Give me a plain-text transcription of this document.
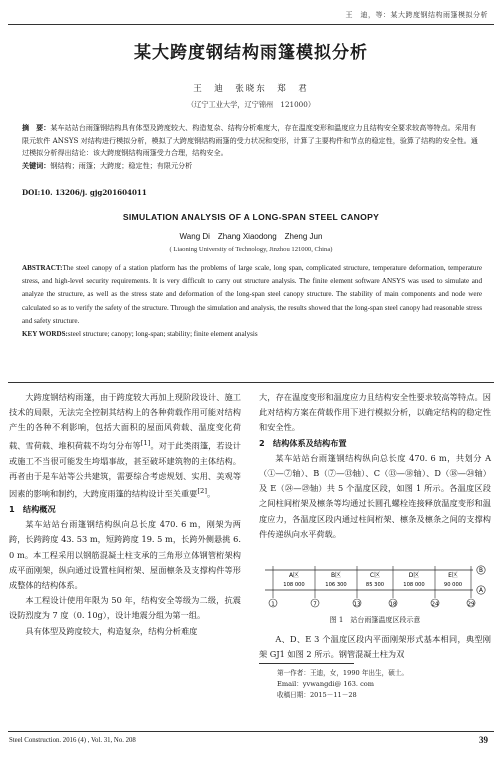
王　迪，等：某大跨度钢结构雨篷模拟分析
某大跨度钢结构雨篷模拟分析
王　迪　张晓东　郑　君
（辽宁工业大学，辽宁锦州　121000）
摘　要：某车站站台雨篷钢结构具有体型及跨度较大、构造复杂、结构分析难度大，存在温度变形和温度应力且结构安全要求较高等特点。采用有限元软件 ANSYS 对结构进行模拟分析，模拟了大跨度钢结构雨篷的受力状况和变形，计算了主要构件和节点的稳定性，验算了结构的安全性。通过模拟分析得出结论：该大跨度钢结构雨篷受力合理，结构安全。
关键词：钢结构；雨篷；大跨度；稳定性；有限元分析
DOI:10. 13206/j. gjg201604011
SIMULATION ANALYSIS OF A LONG-SPAN STEEL CANOPY
Wang Di　Zhang Xiaodong　Zheng Jun
( Liaoning University of Technology, Jinzhou 121000, China)
ABSTRACT:The steel canopy of a station platform has the problems of large scale, long span, complicated structure, temperature deformation, temperature stress, and high-level security requirements. It is very difficult to carry out structure analysis. The finite element software ANSYS was used to simulate and analyze the structure, as well as the stress state and deformation of the long-span steel canopy structure. The stability of main components and node were calculated so as to verify the safety of the structure. Through the simulation and analysis, the results showed that the long-span steel canopy had reasonable stress and safety structure.
KEY WORDS:steel structure; canopy; long-span; stability; finite element analysis

大跨度钢结构雨篷，由于跨度较大再加上现阶段设计、施工技术的局限，无法完全控制其结构上的各种荷载作用可能对结构产生的各种不利影响，包括大面积的屋面风荷载、温度变化荷载、雪荷载、堆积荷载不均匀分布等[1]。对于此类雨篷，若设计或施工不当很可能发生垮塌事故，甚至破坏建筑物的主体结构。再者由于是车站等公共建筑，需要综合考虑规划、实用、美观等因素的影响和制约，大跨度雨篷的结构设计至关重要[2]。

1　结构概况

某车站站台雨篷钢结构纵向总长度 470. 6 m，刚架为两跨，长跨跨度 43. 53 m，短跨跨度 19. 5 m，长跨外侧悬挑 6. 0 m。本工程采用以钢筋混凝土柱支承的三角形立体钢管桁架构成平面刚架，纵向通过设置柱间桁架、屋面檩条及支撑构件等形成整体的结构体系。

本工程设计使用年限为 50 年，结构安全等级为二级，抗震设防烈度为 7 度（0. 10g），设计地震分组为第一组。

具有体型及跨度较大，构造复杂，结构分析难度

大，存在温度变形和温度应力且结构安全性要求较高等特点。因此对结构方案在荷载作用下进行模拟分析，以确定结构的稳定性和安全性。

2　结构体系及结构布置

某车站站台雨篷钢结构纵向总长度 470. 6 m，共划分 A（①—⑦轴）、B（⑦—⑬轴）、C（⑬—⑱轴）、D（⑱—㉔轴）及 E（㉔—㉙轴）共 5 个温度区段，如图 1 所示。各温度区段之间柱间桁架及檩条等均通过长圆孔螺栓连接释放温度变形和温度应力，各温度区段内通过柱间桁架、檩条及檩条之间的支撑构件传递纵向水平荷载。

A区
108 000
B区
106 300
C区
85 300
D区
108 000
E区
90 000
1	7	13	18	24	29
B
A
图 1　站台雨篷温度区段示意

A、D、E 3 个温度区段内平面刚架形式基本相同，典型刚架 GJ1 如图 2 所示。钢管混凝土柱为双

第一作者：王迪，女，1990 年出生，硕士。
Email：yvwangdi@ 163. com
收稿日期：2015－11－28
Steel Construction. 2016 (4) , Vol. 31, No. 208	39
